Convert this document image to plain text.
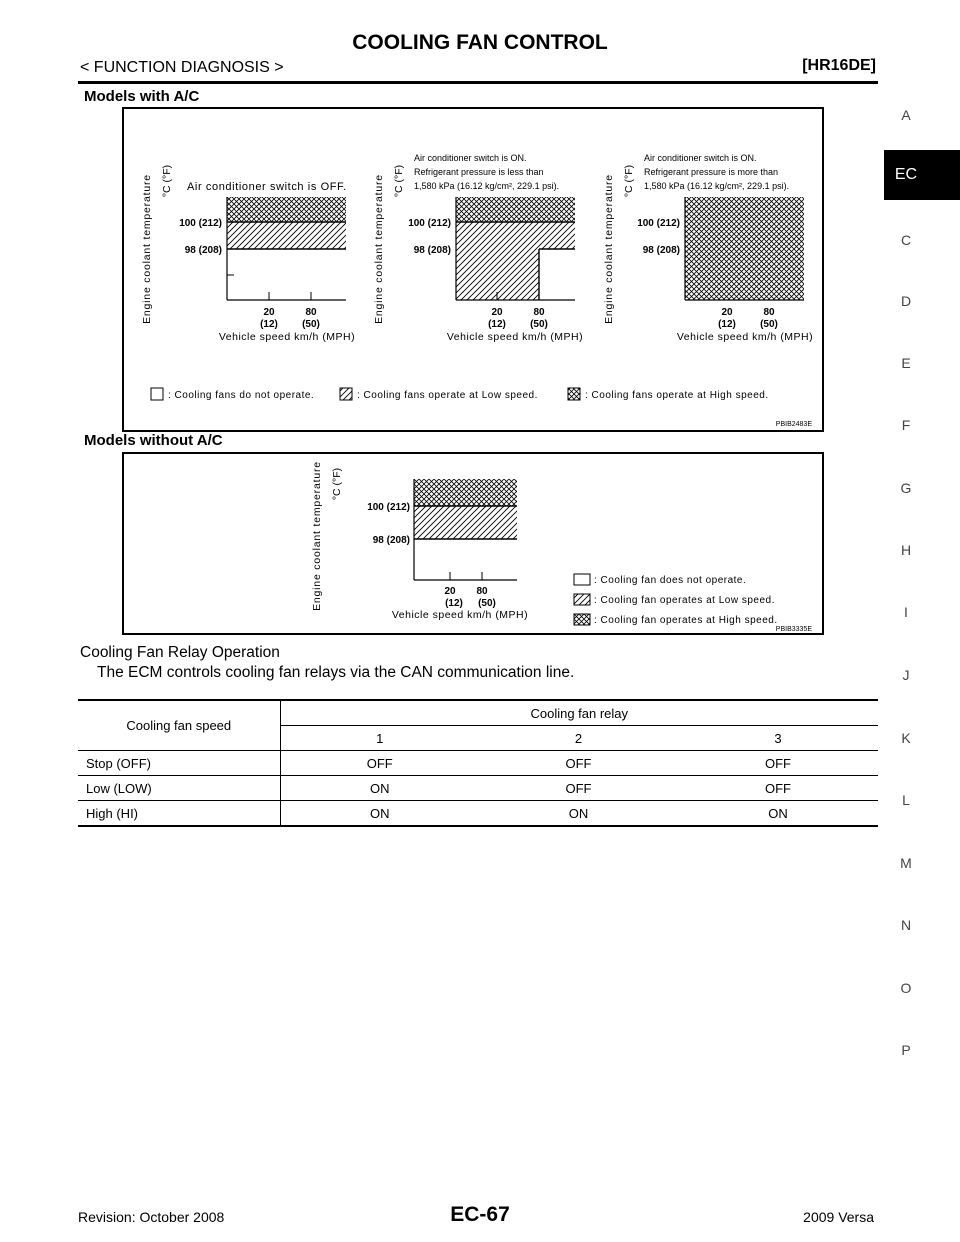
COOLING FAN CONTROL
< FUNCTION DIAGNOSIS >	[HR16DE]
EC
A
C
D
E
F
G
H
I
J
K
L
M
N
O
P
Models with A/C
Engine coolant temperature °C (°F) Air conditioner switch is OFF.
100 (212)
98 (208)
20	80
(12) (50)
Vehicle speed km/h (MPH)
Engine coolant temperature °C (°F)
Air conditioner switch is ON.
Refrigerant pressure is less than
1,580 kPa (16.12 kg/cm², 229.1 psi).
100 (212)
98 (208)
20	80
(12) (50)
Vehicle speed km/h (MPH)
Engine coolant temperature °C (°F)
Air conditioner switch is ON.
Refrigerant pressure is more than
1,580 kPa (16.12 kg/cm², 229.1 psi).
100 (212)
98 (208)
20	80
(12) (50)
Vehicle speed km/h (MPH)
: Cooling fans do not operate.	: Cooling fans operate at Low speed.	: Cooling fans operate at High speed.
PBIB2483E
Models without A/C
Engine coolant temperature °C (°F)
100 (212)
98 (208)
20 80
(12) (50)
Vehicle speed km/h (MPH)
: Cooling fan does not operate.
: Cooling fan operates at Low speed.
: Cooling fan operates at High speed.
PBIB3335E
Cooling Fan Relay Operation
The ECM controls cooling fan relays via the CAN communication line.
Cooling fan speed	Cooling fan relay		
	1	2	3
Stop (OFF)	OFF	OFF	OFF
Low (LOW)	ON	OFF	OFF
High (HI)	ON	ON	ON
Revision: October 2008	EC-67	2009 Versa
